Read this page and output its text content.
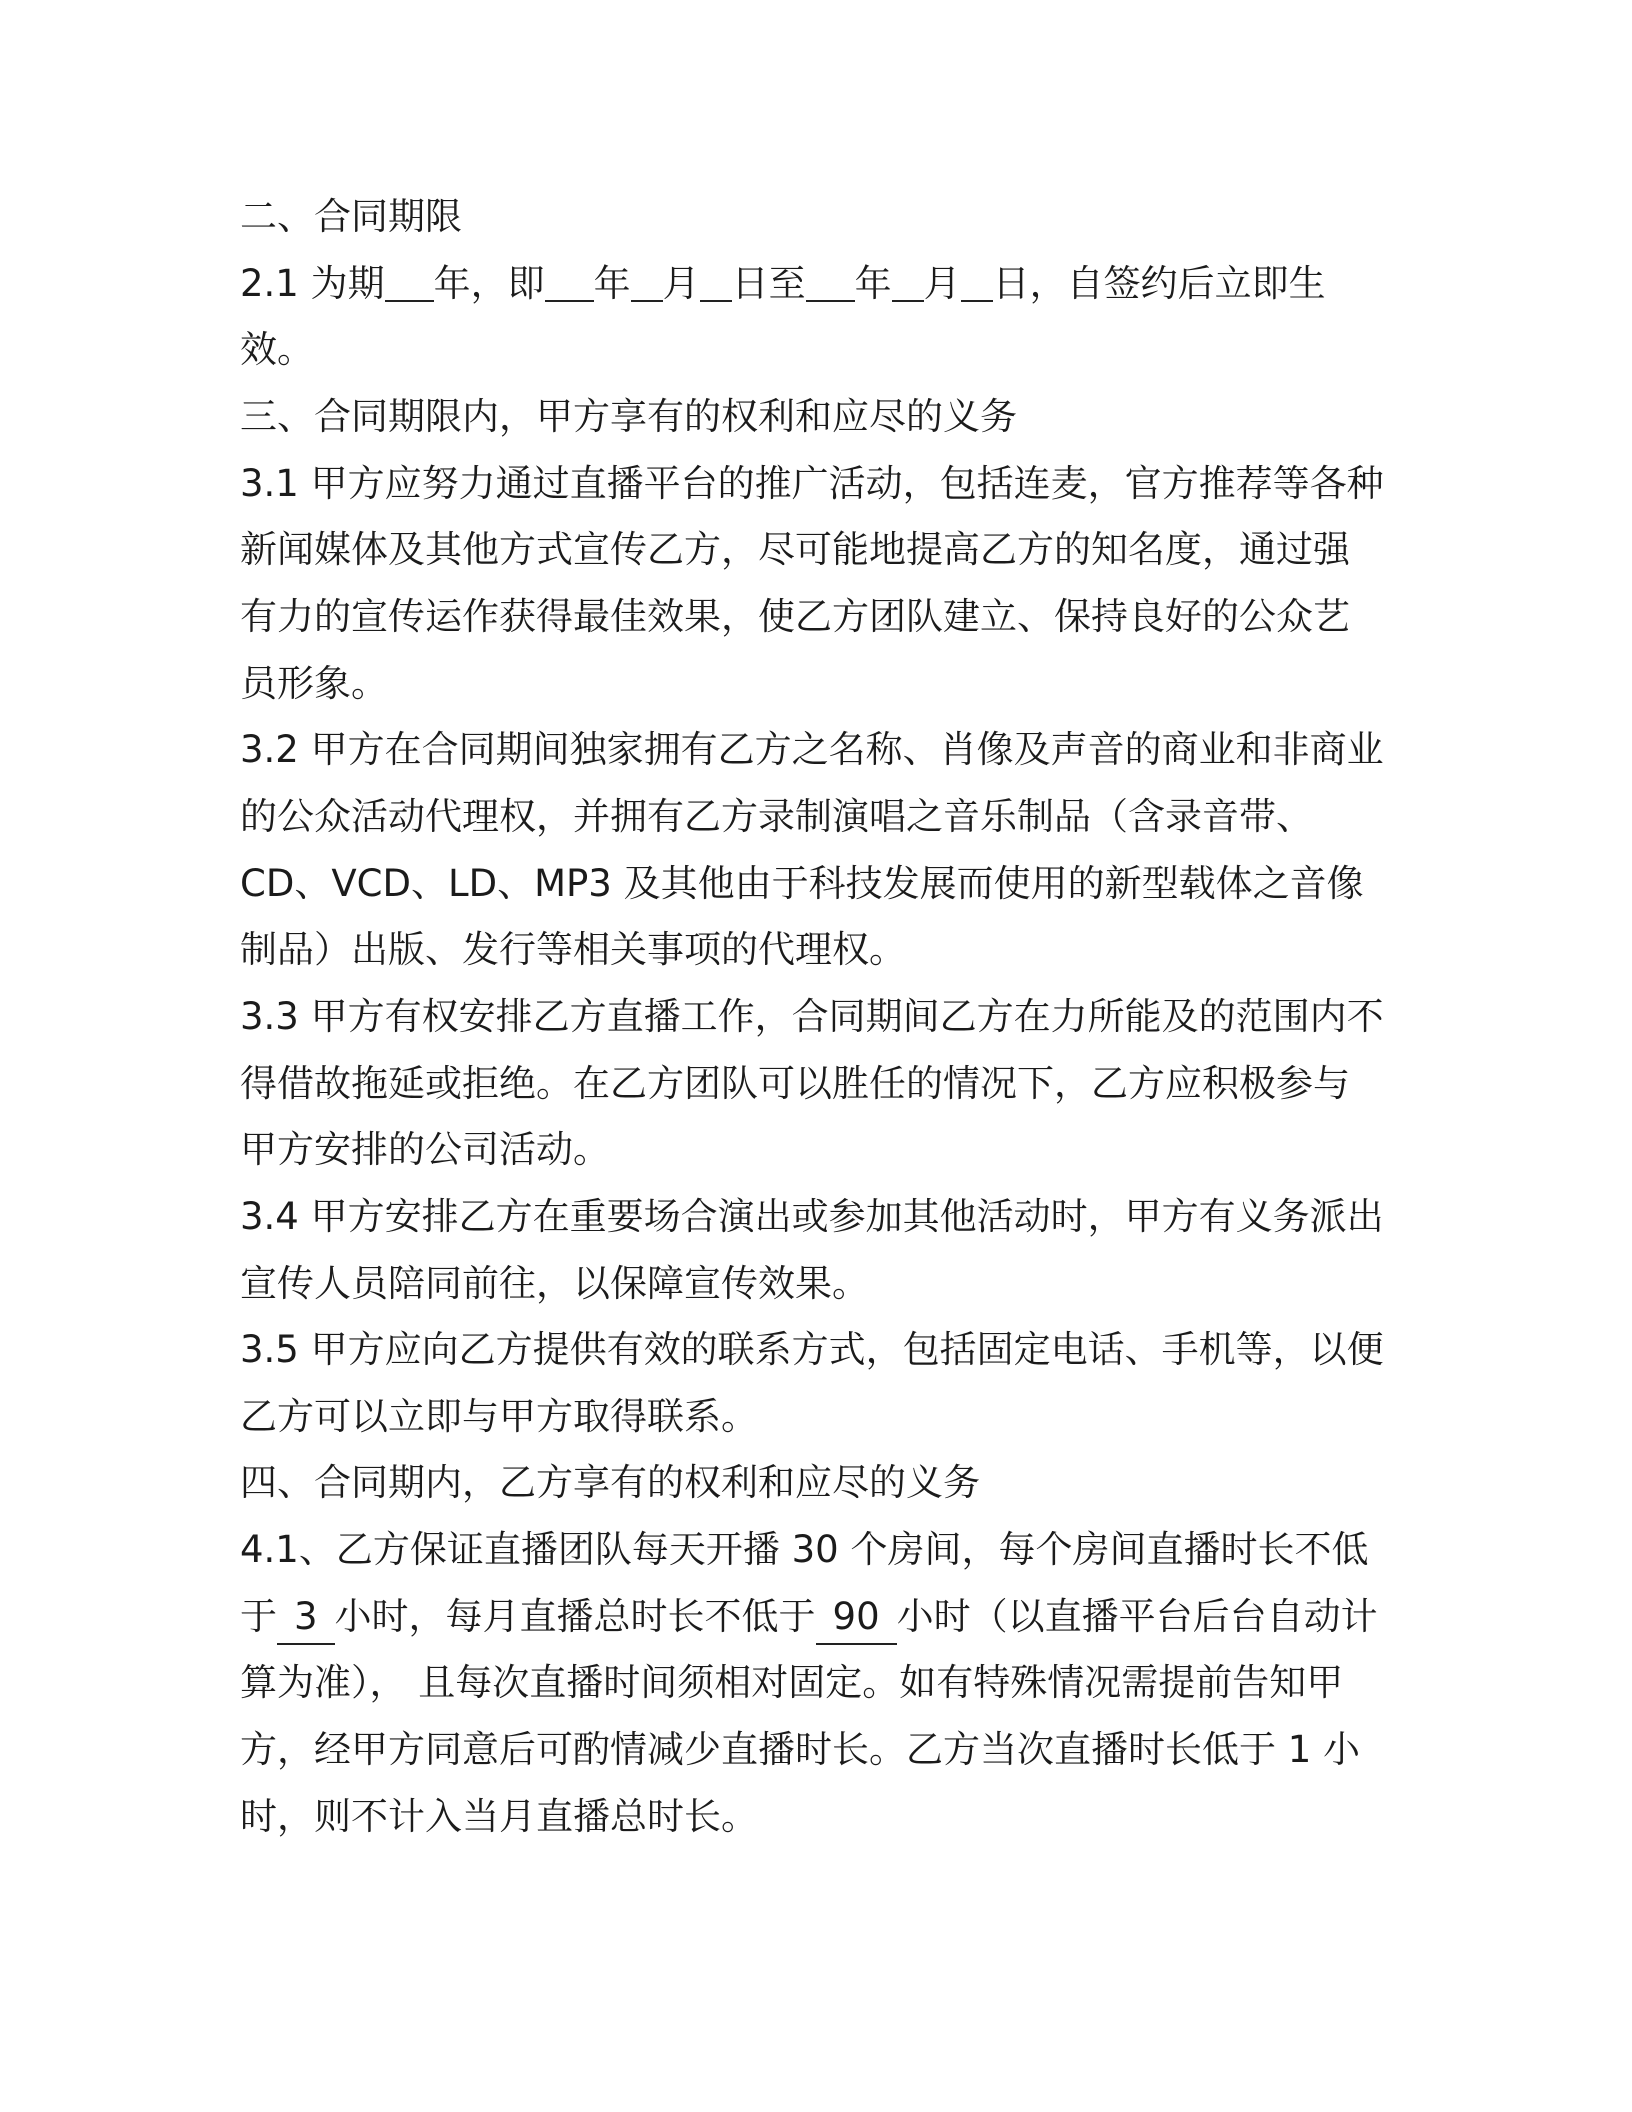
二、合同期限
2.1 为期 年，即 年 月 日至 年 月 日，自签约后立即生
效。
三、合同期限内，甲方享有的权利和应尽的义务
3.1 甲方应努力通过直播平台的推广活动，包括连麦，官方推荐等各种
新闻媒体及其他方式宣传乙方，尽可能地提高乙方的知名度，通过强
有力的宣传运作获得最佳效果，使乙方团队建立、保持良好的公众艺
员形象。
3.2 甲方在合同期间独家拥有乙方之名称、肖像及声音的商业和非商业
的公众活动代理权，并拥有乙方录制演唱之音乐制品（含录音带、
CD、VCD、LD、MP3 及其他由于科技发展而使用的新型载体之音像
制品）出版、发行等相关事项的代理权。
3.3 甲方有权安排乙方直播工作，合同期间乙方在力所能及的范围内不
得借故拖延或拒绝。在乙方团队可以胜任的情况下，乙方应积极参与
甲方安排的公司活动。
3.4 甲方安排乙方在重要场合演出或参加其他活动时，甲方有义务派出
宣传人员陪同前往，以保障宣传效果。
3.5 甲方应向乙方提供有效的联系方式，包括固定电话、手机等，以便
乙方可以立即与甲方取得联系。
四、合同期内，乙方享有的权利和应尽的义务
4.1、乙方保证直播团队每天开播 30 个房间，每个房间直播时长不低
于 3 小时，每月直播总时长不低于 90 小时（以直播平台后台自动计
算为准）， 且每次直播时间须相对固定。如有特殊情况需提前告知甲
方，经甲方同意后可酌情减少直播时长。乙方当次直播时长低于 1 小
时，则不计入当月直播总时长。
